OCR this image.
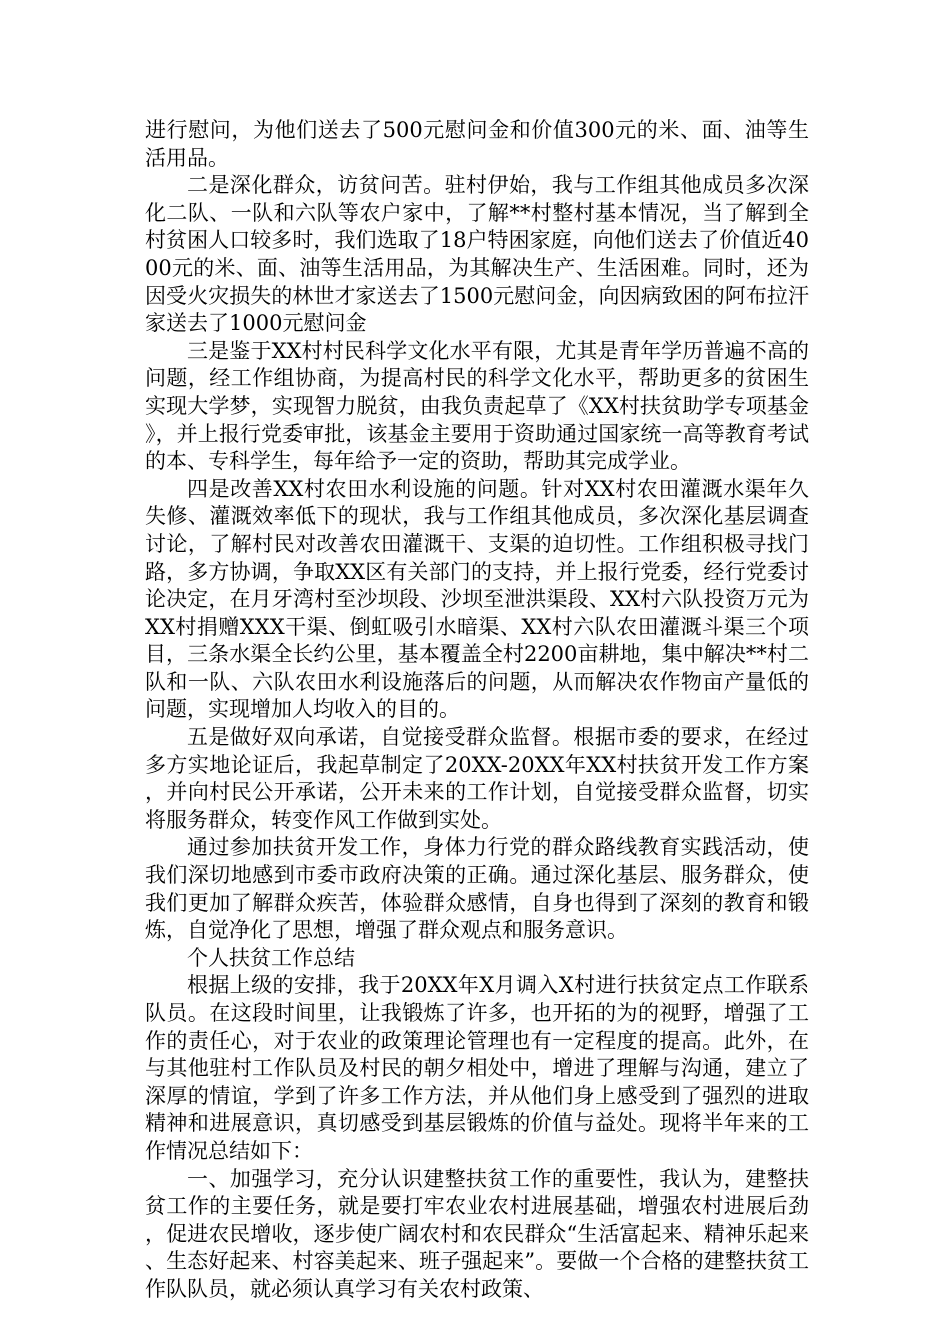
进行慰问，为他们送去了500元慰问金和价值300元的米、面、油等生活用品。

二是深化群众，访贫问苦。驻村伊始，我与工作组其他成员多次深化二队、一队和六队等农户家中，了解**村整村基本情况，当了解到全村贫困人口较多时，我们选取了18户特困家庭，向他们送去了价值近4000元的米、面、油等生活用品，为其解决生产、生活困难。同时，还为因受火灾损失的林世才家送去了1500元慰问金，向因病致困的阿布拉汗家送去了1000元慰问金

三是鉴于XX村村民科学文化水平有限，尤其是青年学历普遍不高的问题，经工作组协商，为提高村民的科学文化水平，帮助更多的贫困生实现大学梦，实现智力脱贫，由我负责起草了《XX村扶贫助学专项基金》，并上报行党委审批，该基金主要用于资助通过国家统一高等教育考试的本、专科学生，每年给予一定的资助，帮助其完成学业。

四是改善XX村农田水利设施的问题。针对XX村农田灌溉水渠年久失修、灌溉效率低下的现状，我与工作组其他成员，多次深化基层调查讨论，了解村民对改善农田灌溉干、支渠的迫切性。工作组积极寻找门路，多方协调，争取XX区有关部门的支持，并上报行党委，经行党委讨论决定，在月牙湾村至沙坝段、沙坝至泄洪渠段、XX村六队投资万元为XX村捐赠XXX干渠、倒虹吸引水暗渠、XX村六队农田灌溉斗渠三个项目，三条水渠全长约公里，基本覆盖全村2200亩耕地，集中解决**村二队和一队、六队农田水利设施落后的问题，从而解决农作物亩产量低的问题，实现增加人均收入的目的。

五是做好双向承诺，自觉接受群众监督。根据市委的要求，在经过多方实地论证后，我起草制定了20XX-20XX年XX村扶贫开发工作方案，并向村民公开承诺，公开未来的工作计划，自觉接受群众监督，切实将服务群众，转变作风工作做到实处。

通过参加扶贫开发工作，身体力行党的群众路线教育实践活动，使我们深切地感到市委市政府决策的正确。通过深化基层、服务群众，使我们更加了解群众疾苦，体验群众感情，自身也得到了深刻的教育和锻炼，自觉净化了思想，增强了群众观点和服务意识。

个人扶贫工作总结

根据上级的安排，我于20XX年X月调入X村进行扶贫定点工作联系队员。在这段时间里，让我锻炼了许多，也开拓的为的视野，增强了工作的责任心，对于农业的政策理论管理也有一定程度的提高。此外，在与其他驻村工作队员及村民的朝夕相处中，增进了理解与沟通，建立了深厚的情谊，学到了许多工作方法，并从他们身上感受到了强烈的进取精神和进展意识，真切感受到基层锻炼的价值与益处。现将半年来的工作情况总结如下：

一、加强学习，充分认识建整扶贫工作的重要性，我认为，建整扶贫工作的主要任务，就是要打牢农业农村进展基础，增强农村进展后劲，促进农民增收，逐步使广阔农村和农民群众“生活富起来、精神乐起来、生态好起来、村容美起来、班子强起来”。要做一个合格的建整扶贫工作队队员，就必须认真学习有关农村政策、
